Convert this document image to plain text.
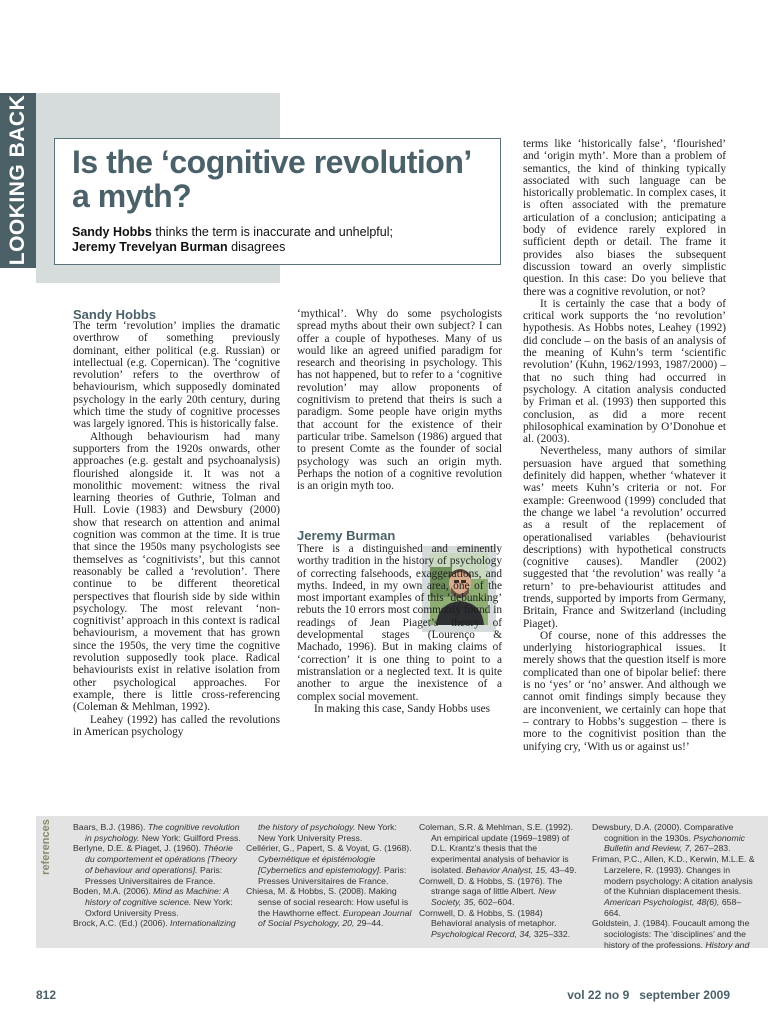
LOOKING BACK Is the ‘cognitive revolution’
a myth?
Sandy Hobbs thinks the term is inaccurate and unhelpful;
Jeremy Trevelyan Burman disagrees
Sandy Hobbs

The term ‘revolution’ implies the dramatic overthrow of something previously dominant, either political (e.g. Russian) or intellectual (e.g. Copernican). The ‘cognitive revolution’ refers to the overthrow of behaviourism, which supposedly dominated psychology in the early 20th century, during which time the study of cognitive processes was largely ignored. This is historically false.

Although behaviourism had many supporters from the 1920s onwards, other approaches (e.g. gestalt and psychoanalysis) flourished alongside it. It was not a monolithic movement: witness the rival learning theories of Guthrie, Tolman and Hull. Lovie (1983) and Dewsbury (2000) show that research on attention and animal cognition was common at the time. It is true that since the 1950s many psychologists see themselves as ‘cognitivists’, but this cannot reasonably be called a ‘revolution’. There continue to be different theoretical perspectives that flourish side by side within psychology. The most relevant ‘non-cognitivist’ approach in this context is radical behaviourism, a movement that has grown since the 1950s, the very time the cognitive revolution supposedly took place. Radical behaviourists exist in relative isolation from other psychological approaches. For example, there is little cross-referencing (Coleman & Mehlman, 1992).

Leahey (1992) has called the revolutions in American psychology

‘mythical’. Why do some psychologists spread myths about their own subject? I can offer a couple of hypotheses. Many of us would like an agreed unified paradigm for research and theorising in psychology. This has not happened, but to refer to a ‘cognitive revolution’ may allow proponents of cognitivism to pretend that theirs is such a paradigm. Some people have origin myths that account for the existence of their particular tribe. Samelson (1986) argued that to present Comte as the founder of social psychology was such an origin myth. Perhaps the notion of a cognitive revolution is an origin myth too.

Jeremy Burman

There is a distinguished and eminently worthy tradition in the history of psychology of correcting falsehoods, exaggerations, and myths. Indeed, in my own area, one of the most important examples of this ‘debunking’ rebuts the 10 errors most commonly found in readings of Jean Piaget’s theory of developmental stages (Lourenço & Machado, 1996). But in making claims of ‘correction’ it is one thing to point to a mistranslation or a neglected text. It is quite another to argue the inexistence of a complex social movement.

In making this case, Sandy Hobbs uses

terms like ‘historically false’, ‘flourished’ and ‘origin myth’. More than a problem of semantics, the kind of thinking typically associated with such language can be historically problematic. In complex cases, it is often associated with the premature articulation of a conclusion; anticipating a body of evidence rarely explored in sufficient depth or detail. The frame it provides also biases the subsequent discussion toward an overly simplistic question. In this case: Do you believe that there was a cognitive revolution, or not?

It is certainly the case that a body of critical work supports the ‘no revolution’ hypothesis. As Hobbs notes, Leahey (1992) did conclude – on the basis of an analysis of the meaning of Kuhn’s term ‘scientific revolution’ (Kuhn, 1962/1993, 1987/2000) – that no such thing had occurred in psychology. A citation analysis conducted by Friman et al. (1993) then supported this conclusion, as did a more recent philosophical examination by O’Donohue et al. (2003).

Nevertheless, many authors of similar persuasion have argued that something definitely did happen, whether ‘whatever it was’ meets Kuhn’s criteria or not. For example: Greenwood (1999) concluded that the change we label ‘a revolution’ occurred as a result of the replacement of operationalised variables (behaviourist descriptions) with hypothetical constructs (cognitive causes). Mandler (2002) suggested that ‘the revolution’ was really ‘a return’ to pre-behaviourist attitudes and trends, supported by imports from Germany, Britain, France and Switzerland (including Piaget).

Of course, none of this addresses the underlying historiographical issues. It merely shows that the question itself is more complicated than one of bipolar belief: there is no ‘yes’ or ‘no’ answer. And although we cannot omit findings simply because they are inconvenient, we certainly can hope that – contrary to Hobbs’s suggestion – there is more to the cognitivist position than the unifying cry, ‘With us or against us!’

references Baars, B.J. (1986). The cognitive revolution in psychology. New York: Guilford Press.

Berlyne, D.E. & Piaget, J. (1960). Théorie du comportement et opérations [Theory of behaviour and operations]. Paris: Presses Universitaires de France.

Boden, M.A. (2006). Mind as Machine: A history of cognitive science. New York: Oxford University Press.

Brock, A.C. (Ed.) (2006). Internationalizing

the history of psychology. New York: New York University Press.

Cellérier, G., Papert, S. & Voyat, G. (1968). Cybernétique et épistémologie [Cybernetics and epistemology]. Paris: Presses Universitaires de France.

Chiesa, M. & Hobbs, S. (2008). Making sense of social research: How useful is the Hawthorne effect. European Journal of Social Psychology, 20, 29–44.

Coleman, S.R. & Mehlman, S.E. (1992). An empirical update (1969–1989) of D.L. Krantz’s thesis that the experimental analysis of behavior is isolated. Behavior Analyst, 15, 43–49.

Cornwell, D. & Hobbs, S. (1976). The strange saga of little Albert. New Society, 35, 602–604.

Cornwell, D. & Hobbs, S. (1984) Behavioral analysis of metaphor. Psychological Record, 34, 325–332.

Dewsbury, D.A. (2000). Comparative cognition in the 1930s. Psychonomic Bulletin and Review, 7, 267–283.

Friman, P.C., Allen, K.D., Kerwin, M.L.E. & Larzelere, R. (1993). Changes in modern psychology: A citation analysis of the Kuhnian displacement thesis. American Psychologist, 48(6), 658–664.

Goldstein, J. (1984). Foucault among the sociologists: The ‘disciplines’ and the history of the professions. History and

812	vol 22 no 9   september 2009
